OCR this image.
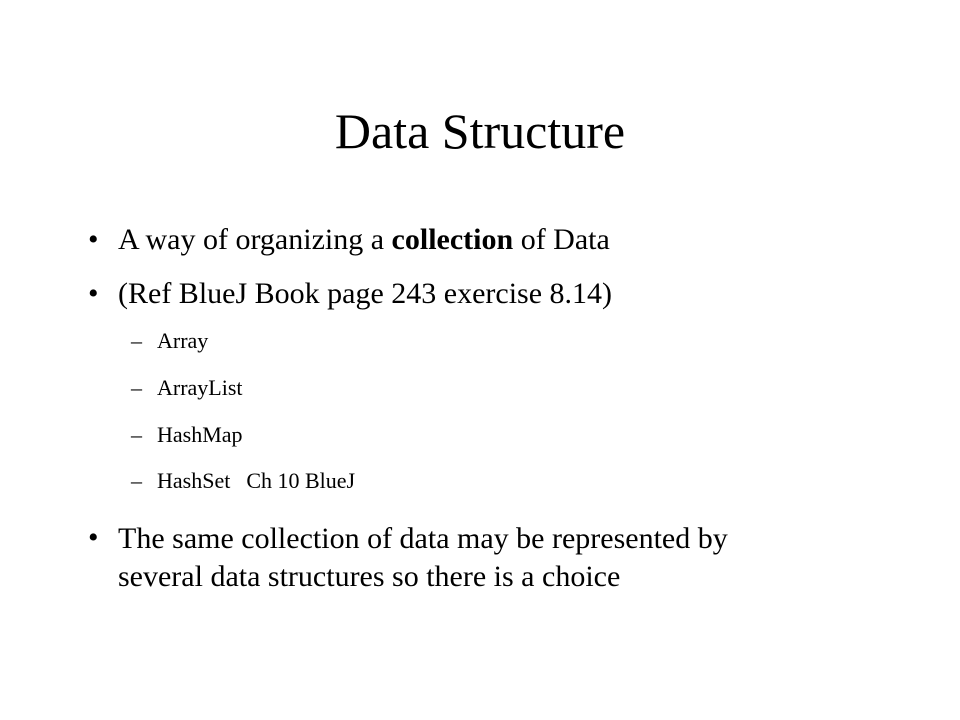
Data Structure
• A way of organizing a collection of Data
• (Ref BlueJ Book page 243 exercise 8.14)
– Array
– ArrayList
– HashMap
– HashSet Ch 10 BlueJ
• The same collection of data may be represented by
several data structures so there is a choice
